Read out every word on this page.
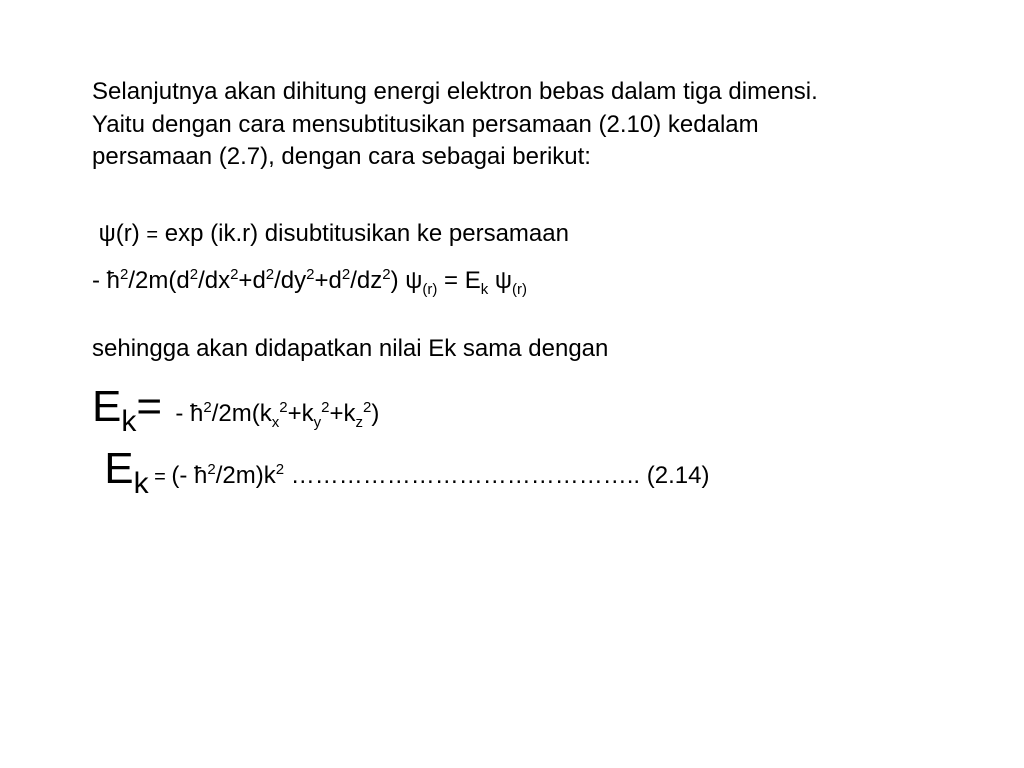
Selanjutnya akan dihitung energi elektron bebas dalam tiga dimensi.
Yaitu dengan cara mensubtitusikan persamaan (2.10) kedalam
persamaan (2.7), dengan cara sebagai berikut:
ψ(r) = exp (ik.r) disubtitusikan ke persamaan
- $ħ^2/2m(d^2/dx^2+d^2/dy^2+d^2/dz^2) \psi_{(r)} = E_k$ $\psi_{(r)}$
sehingga akan didapatkan nilai Ek sama dengan
$Ek= - ħ^2/2m(k_x^2+k_y^2+k_z^2)$
Ek = (- $ħ^2/2m)k^2$ …………………………………….. (2.14)
